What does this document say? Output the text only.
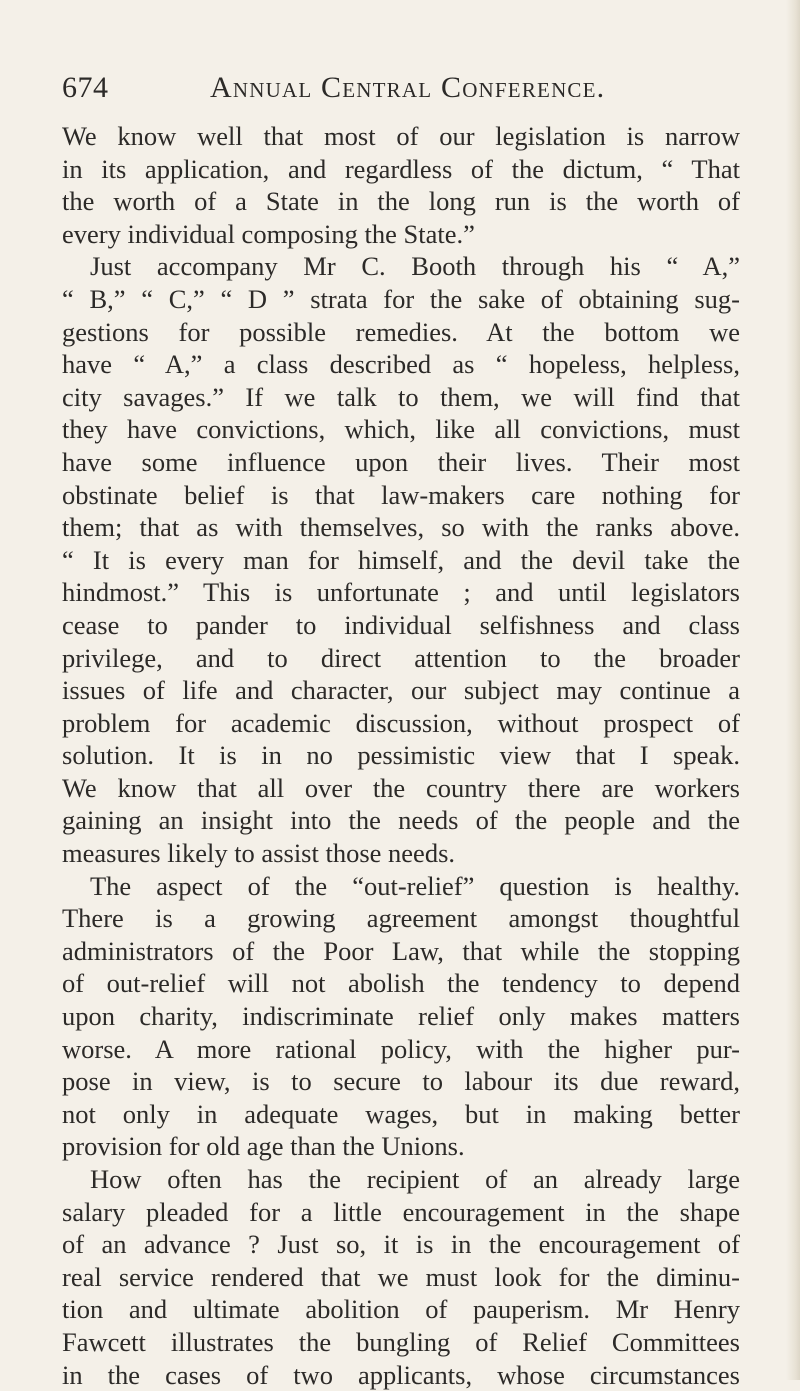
674	Annual Central Conference.
We know well that most of our legislation is narrow
in its application, and regardless of the dictum, “ That
the worth of a State in the long run is the worth of
every individual composing the State.”
Just accompany Mr C. Booth through his “ A,”
“ B,” “ C,” “ D ” strata for the sake of obtaining sug-
gestions for possible remedies. At the bottom we
have “ A,” a class described as “ hopeless, helpless,
city savages.” If we talk to them, we will find that
they have convictions, which, like all convictions, must
have some influence upon their lives. Their most
obstinate belief is that law-makers care nothing for
them; that as with themselves, so with the ranks above.
“ It is every man for himself, and the devil take the
hindmost.” This is unfortunate ; and until legislators
cease to pander to individual selfishness and class
privilege, and to direct attention to the broader
issues of life and character, our subject may continue a
problem for academic discussion, without prospect of
solution. It is in no pessimistic view that I speak.
We know that all over the country there are workers
gaining an insight into the needs of the people and the
measures likely to assist those needs.
The aspect of the “out-relief” question is healthy.
There is a growing agreement amongst thoughtful
administrators of the Poor Law, that while the stopping
of out-relief will not abolish the tendency to depend
upon charity, indiscriminate relief only makes matters
worse. A more rational policy, with the higher pur-
pose in view, is to secure to labour its due reward,
not only in adequate wages, but in making better
provision for old age than the Unions.
How often has the recipient of an already large
salary pleaded for a little encouragement in the shape
of an advance ? Just so, it is in the encouragement of
real service rendered that we must look for the diminu-
tion and ultimate abolition of pauperism. Mr Henry
Fawcett illustrates the bungling of Relief Committees
in the cases of two applicants, whose circumstances
